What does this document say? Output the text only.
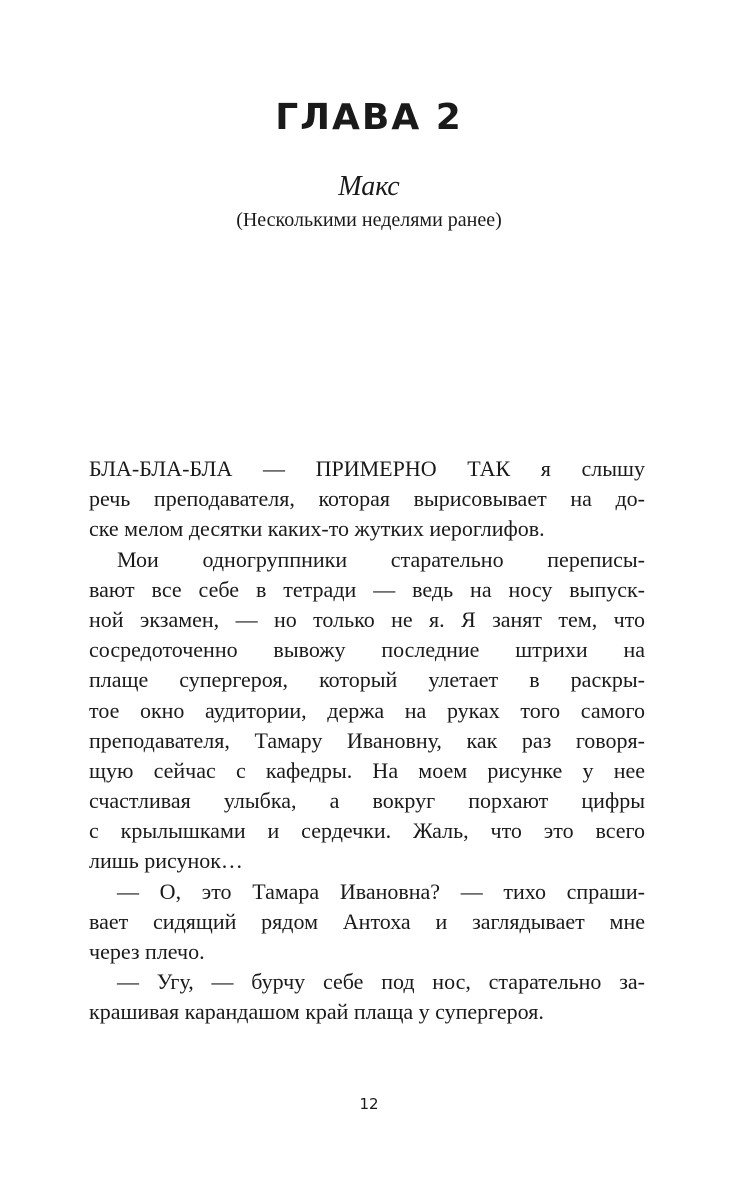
ГЛАВА 2

Макс

(Несколькими неделями ранее)

БЛА-БЛА-БЛА — ПРИМЕРНО ТАК я слышу
речь преподавателя, которая вырисовывает на до-
ске мелом десятки каких-то жутких иероглифов.
Мои одногруппники старательно переписы-
вают все себе в тетради — ведь на носу выпуск-
ной экзамен, — но только не я. Я занят тем, что
сосредоточенно вывожу последние штрихи на
плаще супергероя, который улетает в раскры-
тое окно аудитории, держа на руках того самого
преподавателя, Тамару Ивановну, как раз говоря-
щую сейчас с кафедры. На моем рисунке у нее
счастливая улыбка, а вокруг порхают цифры
с крылышками и сердечки. Жаль, что это всего
лишь рисунок…
— О, это Тамара Ивановна? — тихо спраши-
вает сидящий рядом Антоха и заглядывает мне
через плечо.
— Угу, — бурчу себе под нос, старательно за-
крашивая карандашом край плаща у супергероя.
12
